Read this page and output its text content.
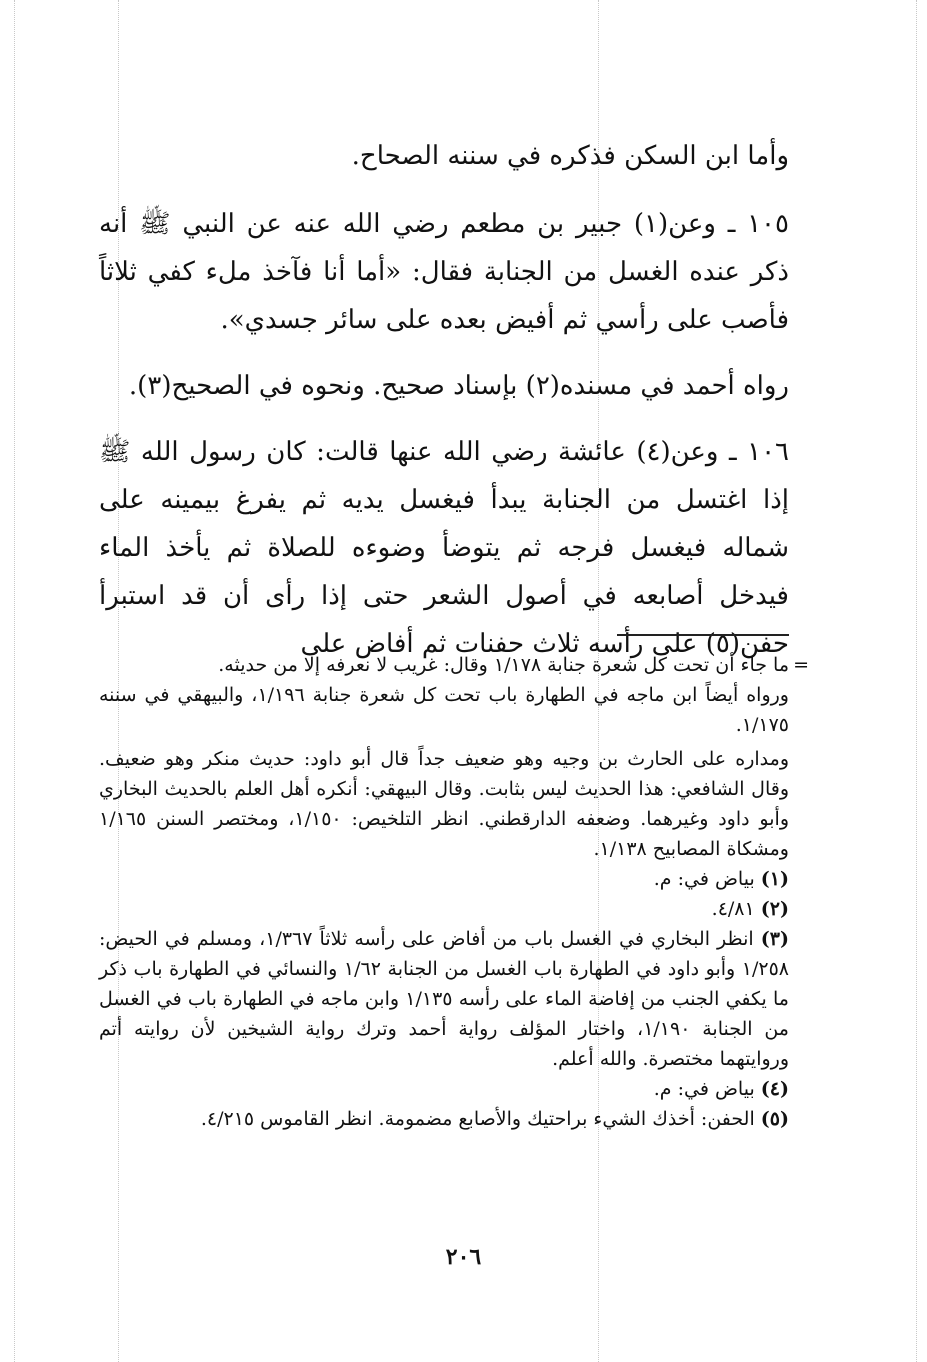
وأما ابن السكن فذكره في سننه الصحاح.

١٠٥ ـ وعن(١) جبير بن مطعم رضي الله عنه عن النبي ﷺ أنه ذكر عنده الغسل من الجنابة فقال: «أما أنا فآخذ ملء كفي ثلاثاً فأصب على رأسي ثم أفيض بعده على سائر جسدي».

رواه أحمد في مسنده(٢) بإسناد صحيح. ونحوه في الصحيح(٣).

١٠٦ ـ وعن(٤) عائشة رضي الله عنها قالت: كان رسول الله ﷺ إذا اغتسل من الجنابة يبدأ فيغسل يديه ثم يفرغ بيمينه على شماله فيغسل فرجه ثم يتوضأ وضوءه للصلاة ثم يأخذ الماء فيدخل أصابعه في أصول الشعر حتى إذا رأى أن قد استبرأ حفن(٥) على رأسه ثلاث حفنات ثم أفاض على

=

ما جاء أن تحت كل شعرة جنابة ١/١٧٨ وقال: غريب لا نعرفه إلا من حديثه.

ورواه أيضاً ابن ماجه في الطهارة باب تحت كل شعرة جنابة ١/١٩٦، والبيهقي في سننه ١/١٧٥.

ومداره على الحارث بن وجيه وهو ضعيف جداً قال أبو داود: حديث منكر وهو ضعيف. وقال الشافعي: هذا الحديث ليس بثابت. وقال البيهقي: أنكره أهل العلم بالحديث البخاري وأبو داود وغيرهما. وضعفه الدارقطني. انظر التلخيص: ١/١٥٠، ومختصر السنن ١/١٦٥ ومشكاة المصابيح ١/١٣٨.

(١) بياض في: م.

(٢) ٤/٨١.

(٣) انظر البخاري في الغسل باب من أفاض على رأسه ثلاثاً ١/٣٦٧، ومسلم في الحيض: ١/٢٥٨ وأبو داود في الطهارة باب الغسل من الجنابة ١/٦٢ والنسائي في الطهارة باب ذكر ما يكفي الجنب من إفاضة الماء على رأسه ١/١٣٥ وابن ماجه في الطهارة باب في الغسل من الجنابة ١/١٩٠، واختار المؤلف رواية أحمد وترك رواية الشيخين لأن روايته أتم وروايتهما مختصرة. والله أعلم.

(٤) بياض في: م.

(٥) الحفن: أخذك الشيء براحتيك والأصابع مضمومة. انظر القاموس ٤/٢١٥.

٢٠٦
